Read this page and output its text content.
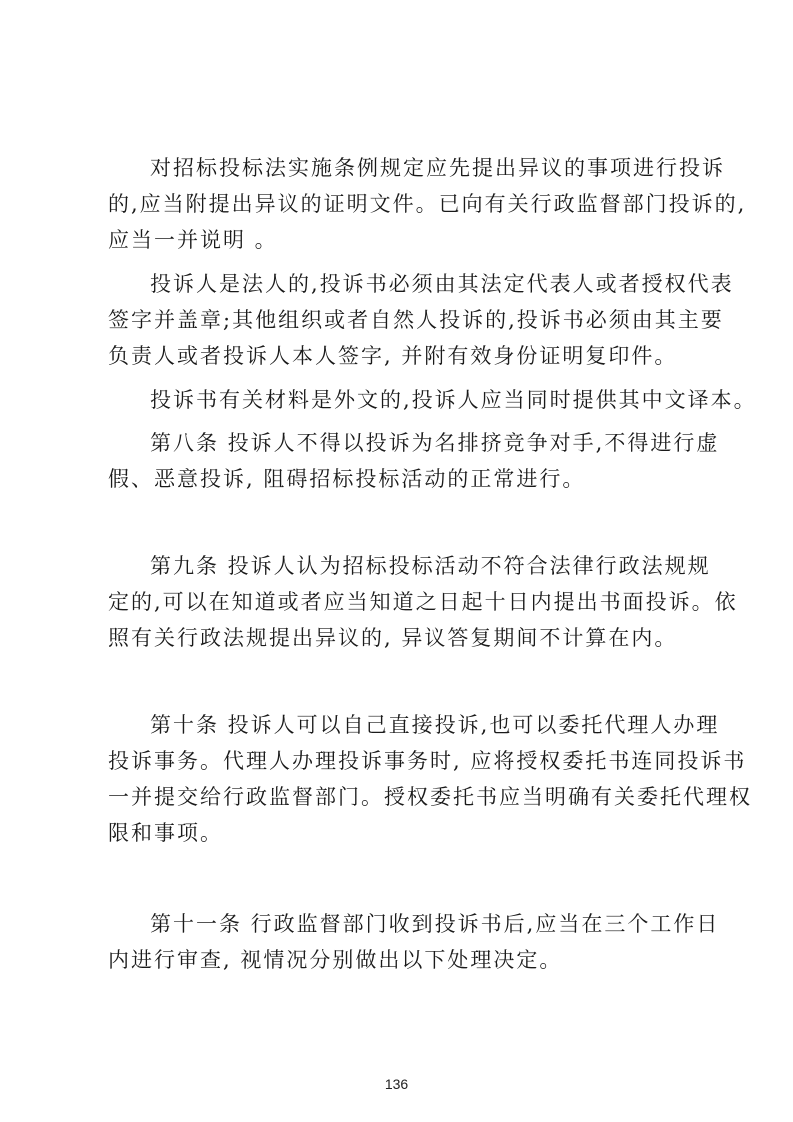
对招标投标法实施条例规定应先提出异议的事项进行投诉
的,应当附提出异议的证明文件。已向有关行政监督部门投诉的,
应当一并说明 。
投诉人是法人的,投诉书必须由其法定代表人或者授权代表
签字并盖章;其他组织或者自然人投诉的,投诉书必须由其主要
负责人或者投诉人本人签字, 并附有效身份证明复印件。
投诉书有关材料是外文的,投诉人应当同时提供其中文译本。
第八条 投诉人不得以投诉为名排挤竞争对手,不得进行虚
假、恶意投诉, 阻碍招标投标活动的正常进行。
第九条 投诉人认为招标投标活动不符合法律行政法规规
定的,可以在知道或者应当知道之日起十日内提出书面投诉。依
照有关行政法规提出异议的, 异议答复期间不计算在内。
第十条 投诉人可以自己直接投诉,也可以委托代理人办理
投诉事务。代理人办理投诉事务时, 应将授权委托书连同投诉书
一并提交给行政监督部门。授权委托书应当明确有关委托代理权
限和事项。
第十一条 行政监督部门收到投诉书后,应当在三个工作日
内进行审查, 视情况分别做出以下处理决定。
136
